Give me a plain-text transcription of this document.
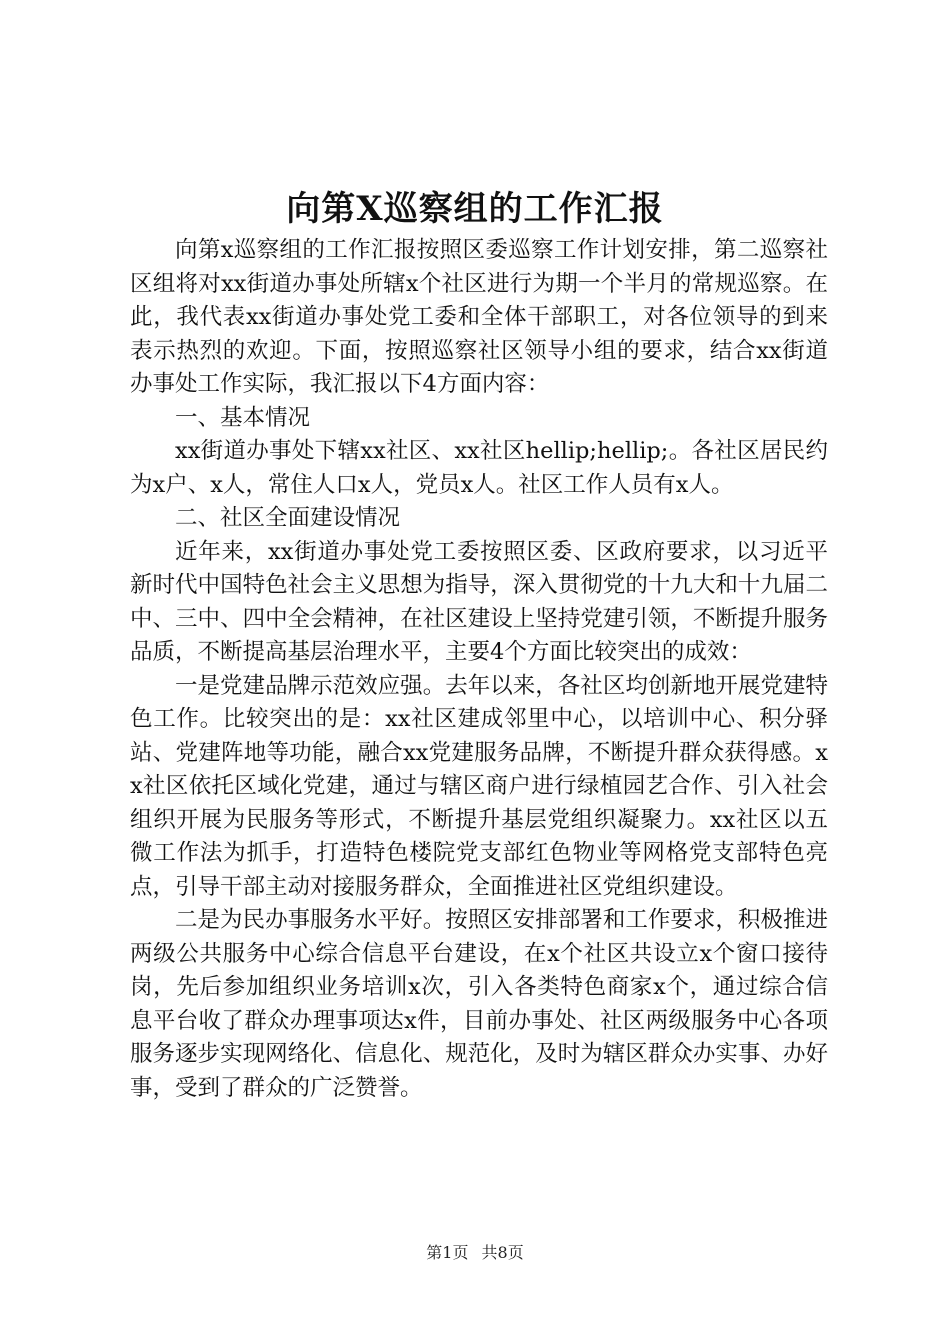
向第X巡察组的工作汇报

向第x巡察组的工作汇报按照区委巡察工作计划安排，第二巡察社区组将对xx街道办事处所辖x个社区进行为期一个半月的常规巡察。在此，我代表xx街道办事处党工委和全体干部职工，对各位领导的到来表示热烈的欢迎。下面，按照巡察社区领导小组的要求，结合xx街道办事处工作实际，我汇报以下4方面内容：

一、基本情况

xx街道办事处下辖xx社区、xx社区hellip;hellip;。各社区居民约为x户、x人，常住人口x人，党员x人。社区工作人员有x人。

二、社区全面建设情况

近年来，xx街道办事处党工委按照区委、区政府要求，以习近平新时代中国特色社会主义思想为指导，深入贯彻党的十九大和十九届二中、三中、四中全会精神，在社区建设上坚持党建引领，不断提升服务品质，不断提高基层治理水平，主要4个方面比较突出的成效：

一是党建品牌示范效应强。去年以来，各社区均创新地开展党建特色工作。比较突出的是：xx社区建成邻里中心，以培训中心、积分驿站、党建阵地等功能，融合xx党建服务品牌，不断提升群众获得感。xx社区依托区域化党建，通过与辖区商户进行绿植园艺合作、引入社会组织开展为民服务等形式，不断提升基层党组织凝聚力。xx社区以五微工作法为抓手，打造特色楼院党支部红色物业等网格党支部特色亮点，引导干部主动对接服务群众，全面推进社区党组织建设。

二是为民办事服务水平好。按照区安排部署和工作要求，积极推进两级公共服务中心综合信息平台建设，在x个社区共设立x个窗口接待岗，先后参加组织业务培训x次，引入各类特色商家x个，通过综合信息平台收了群众办理事项达x件，目前办事处、社区两级服务中心各项服务逐步实现网络化、信息化、规范化，及时为辖区群众办实事、办好事，受到了群众的广泛赞誉。

第1页 共8页
